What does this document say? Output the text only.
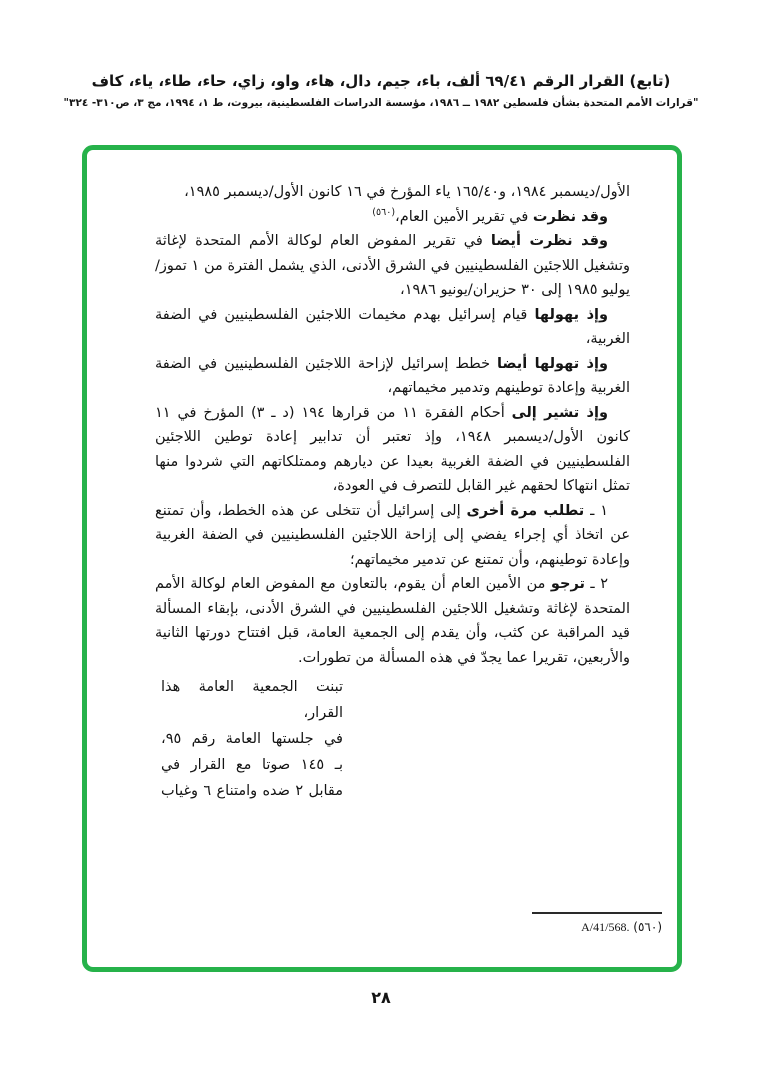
(تابع) القرار الرقم ٦٩/٤١ ألف، باء، جيم، دال، هاء، واو، زاي، حاء، طاء، ياء، كاف
"قرارات الأمم المتحدة بشأن فلسطين ١٩٨٢ ــ ١٩٨٦، مؤسسة الدراسات الفلسطينية، بيروت، ط ١، ١٩٩٤، مج ٣، ص٣١٠- ٣٢٤"

الأول/ديسمبر ١٩٨٤، و١٦٥/٤٠ ياء المؤرخ في ١٦ كانون الأول/ديسمبر ١٩٨٥،

وقد نظرت في تقرير الأمين العام،$^{(٥٦٠)}$

وقد نظرت أيضا في تقرير المفوض العام لوكالة الأمم المتحدة لإغاثة وتشغيل اللاجئين الفلسطينيين في الشرق الأدنى، الذي يشمل الفترة من ١ تموز/يوليو ١٩٨٥ إلى ٣٠ حزيران/يونيو ١٩٨٦،

وإذ يهولها قيام إسرائيل بهدم مخيمات اللاجئين الفلسطينيين في الضفة الغربية،

وإذ تهولها أيضا خطط إسرائيل لإزاحة اللاجئين الفلسطينيين في الضفة الغربية وإعادة توطينهم وتدمير مخيماتهم،

وإذ تشير إلى أحكام الفقرة ١١ من قرارها ١٩٤ (د ـ ٣) المؤرخ في ١١ كانون الأول/ديسمبر ١٩٤٨، وإذ تعتبر أن تدابير إعادة توطين اللاجئين الفلسطينيين في الضفة الغربية بعيدا عن ديارهم وممتلكاتهم التي شردوا منها تمثل انتهاكا لحقهم غير القابل للتصرف في العودة،

١ ـ تطلب مرة أخرى إلى إسرائيل أن تتخلى عن هذه الخطط، وأن تمتنع عن اتخاذ أي إجراء يفضي إلى إزاحة اللاجئين الفلسطينيين في الضفة الغربية وإعادة توطينهم، وأن تمتنع عن تدمير مخيماتهم؛

٢ ـ ترجو من الأمين العام أن يقوم، بالتعاون مع المفوض العام لوكالة الأمم المتحدة لإغاثة وتشغيل اللاجئين الفلسطينيين في الشرق الأدنى، بإبقاء المسألة قيد المراقبة عن كثب، وأن يقدم إلى الجمعية العامة، قبل افتتاح دورتها الثانية والأربعين، تقريرا عما يجدّ في هذه المسألة من تطورات.

تبنت الجمعية العامة هذا القرار،
في جلستها العامة رقم ٩٥،
بـ ١٤٥ صوتا مع القرار في
مقابل ٢ ضده وامتناع ٦ وغياب
(٥٦٠) A/41/568.
٢٨
